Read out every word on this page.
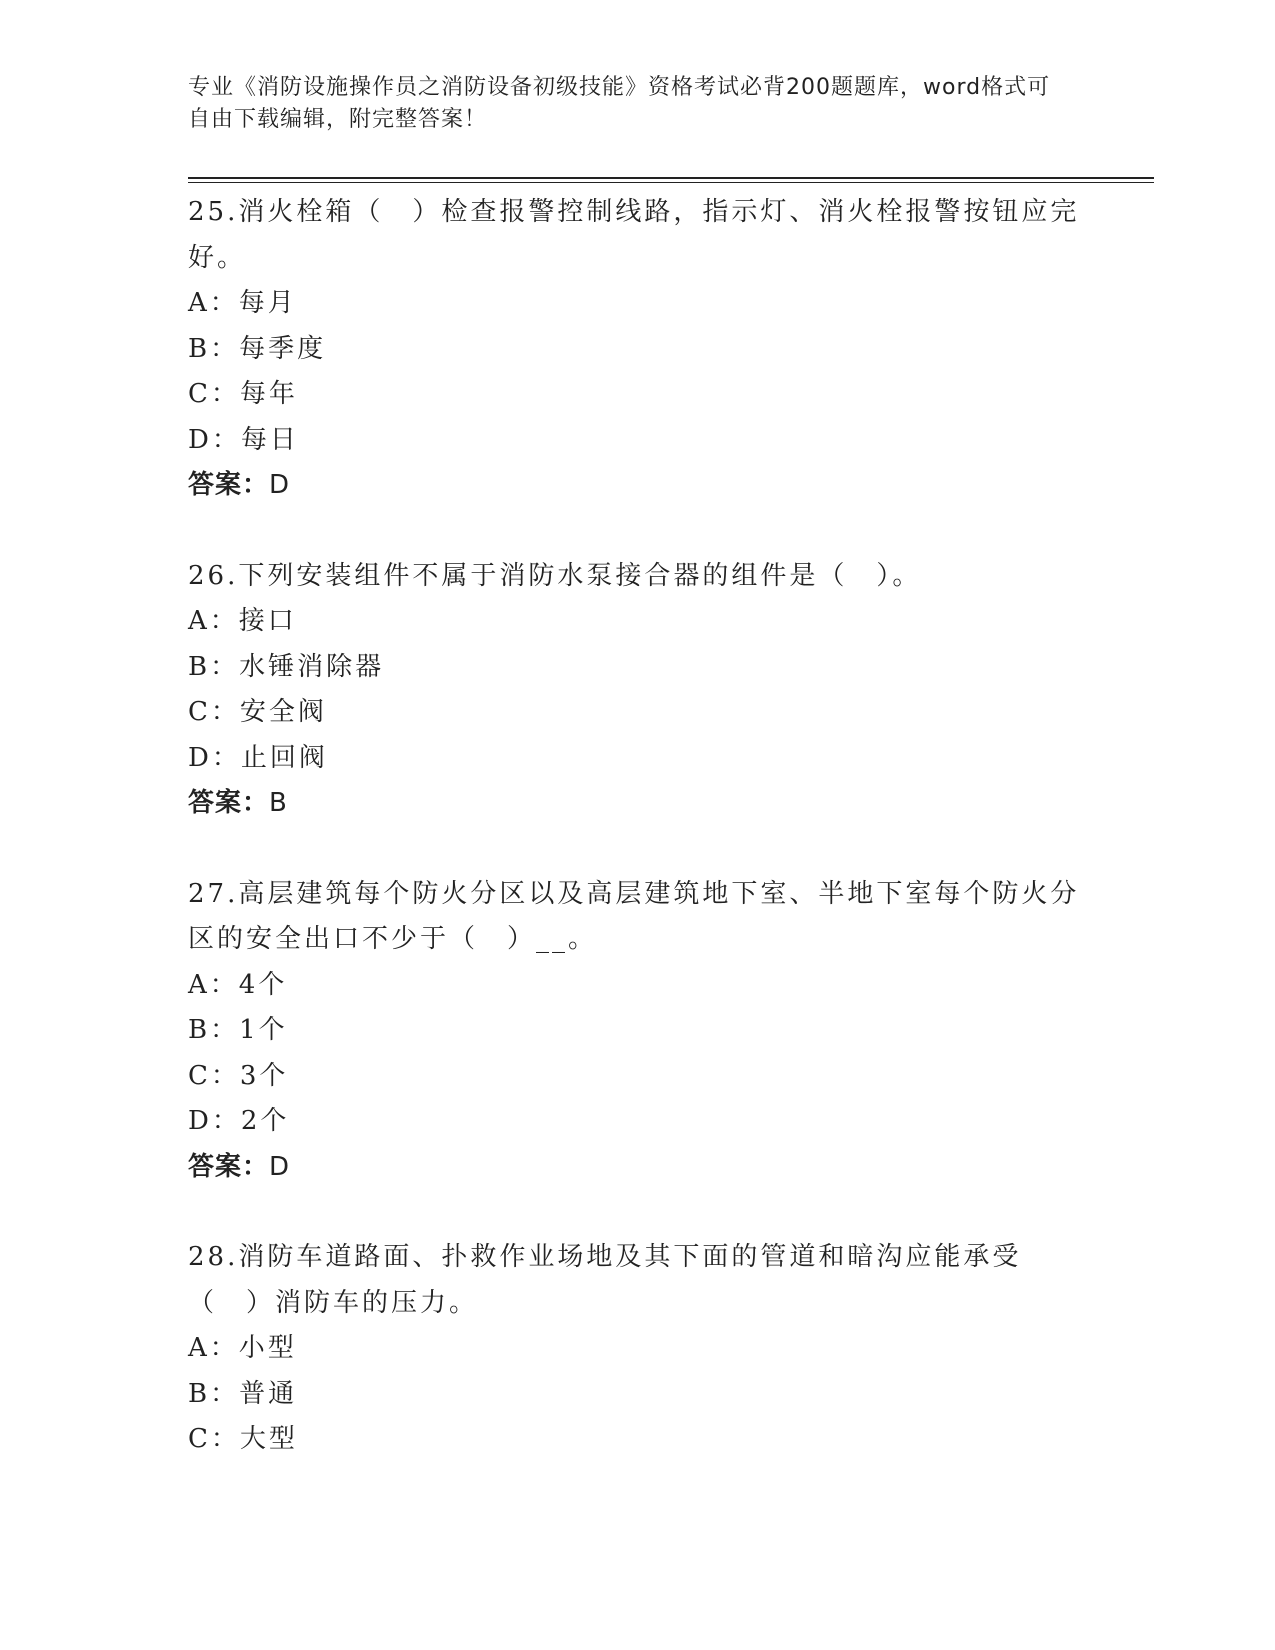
专业《消防设施操作员之消防设备初级技能》资格考试必背200题题库，word格式可自由下载编辑，附完整答案！
25.消火栓箱（　）检查报警控制线路，指示灯、消火栓报警按钮应完好。
A：每月
B：每季度
C：每年
D：每日
答案：D
26.下列安装组件不属于消防水泵接合器的组件是（　）。
A：接口
B：水锤消除器
C：安全阀
D：止回阀
答案：B
27.高层建筑每个防火分区以及高层建筑地下室、半地下室每个防火分区的安全出口不少于（　）__。
A：4个
B：1个
C：3个
D：2个
答案：D
28.消防车道路面、扑救作业场地及其下面的管道和暗沟应能承受（　）消防车的压力。
A：小型
B：普通
C：大型
